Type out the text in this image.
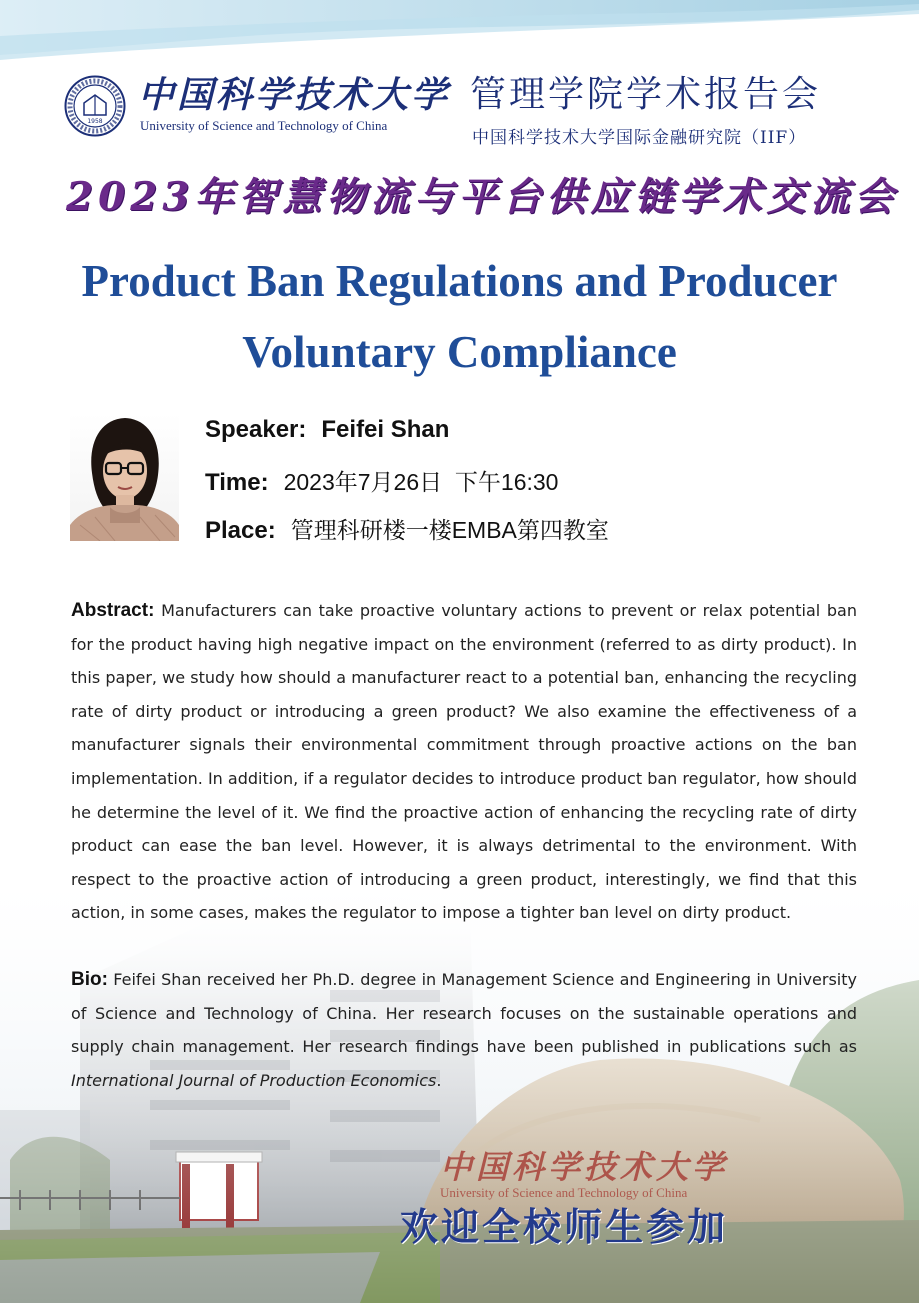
1958
中国科学技术大学
University of Science and Technology of China
管理学院学术报告会
中国科学技术大学国际金融研究院（IIF）
2023年智慧物流与平台供应链学术交流会
Product Ban Regulations and Producer
Voluntary Compliance
Speaker: Feifei Shan
Time: 2023年7月26日  下午16:30
Place: 管理科研楼一楼EMBA第四教室
Abstract: Manufacturers can take proactive voluntary actions to prevent or relax potential ban for the product having high negative impact on the environment (referred to as dirty product). In this paper, we study how should a manufacturer react to a potential ban, enhancing the recycling rate of dirty product or introducing a green product? We also examine the effectiveness of a manufacturer signals their environmental commitment through proactive actions on the ban implementation. In addition, if a regulator decides to introduce product ban regulator, how should he determine the level of it. We find the proactive action of enhancing the recycling rate of dirty product can ease the ban level. However, it is always detrimental to the environment. With respect to the proactive action of introducing a green product, interestingly, we find that this action, in some cases, makes the regulator to impose a tighter ban level on dirty product.
Bio: Feifei Shan received her Ph.D. degree in Management Science and Engineering in University of Science and Technology of China. Her research focuses on the sustainable operations and supply chain management. Her research findings have been published in publications such as International Journal of Production Economics.
中国科学技术大学
University of Science and Technology of China
欢迎全校师生参加
